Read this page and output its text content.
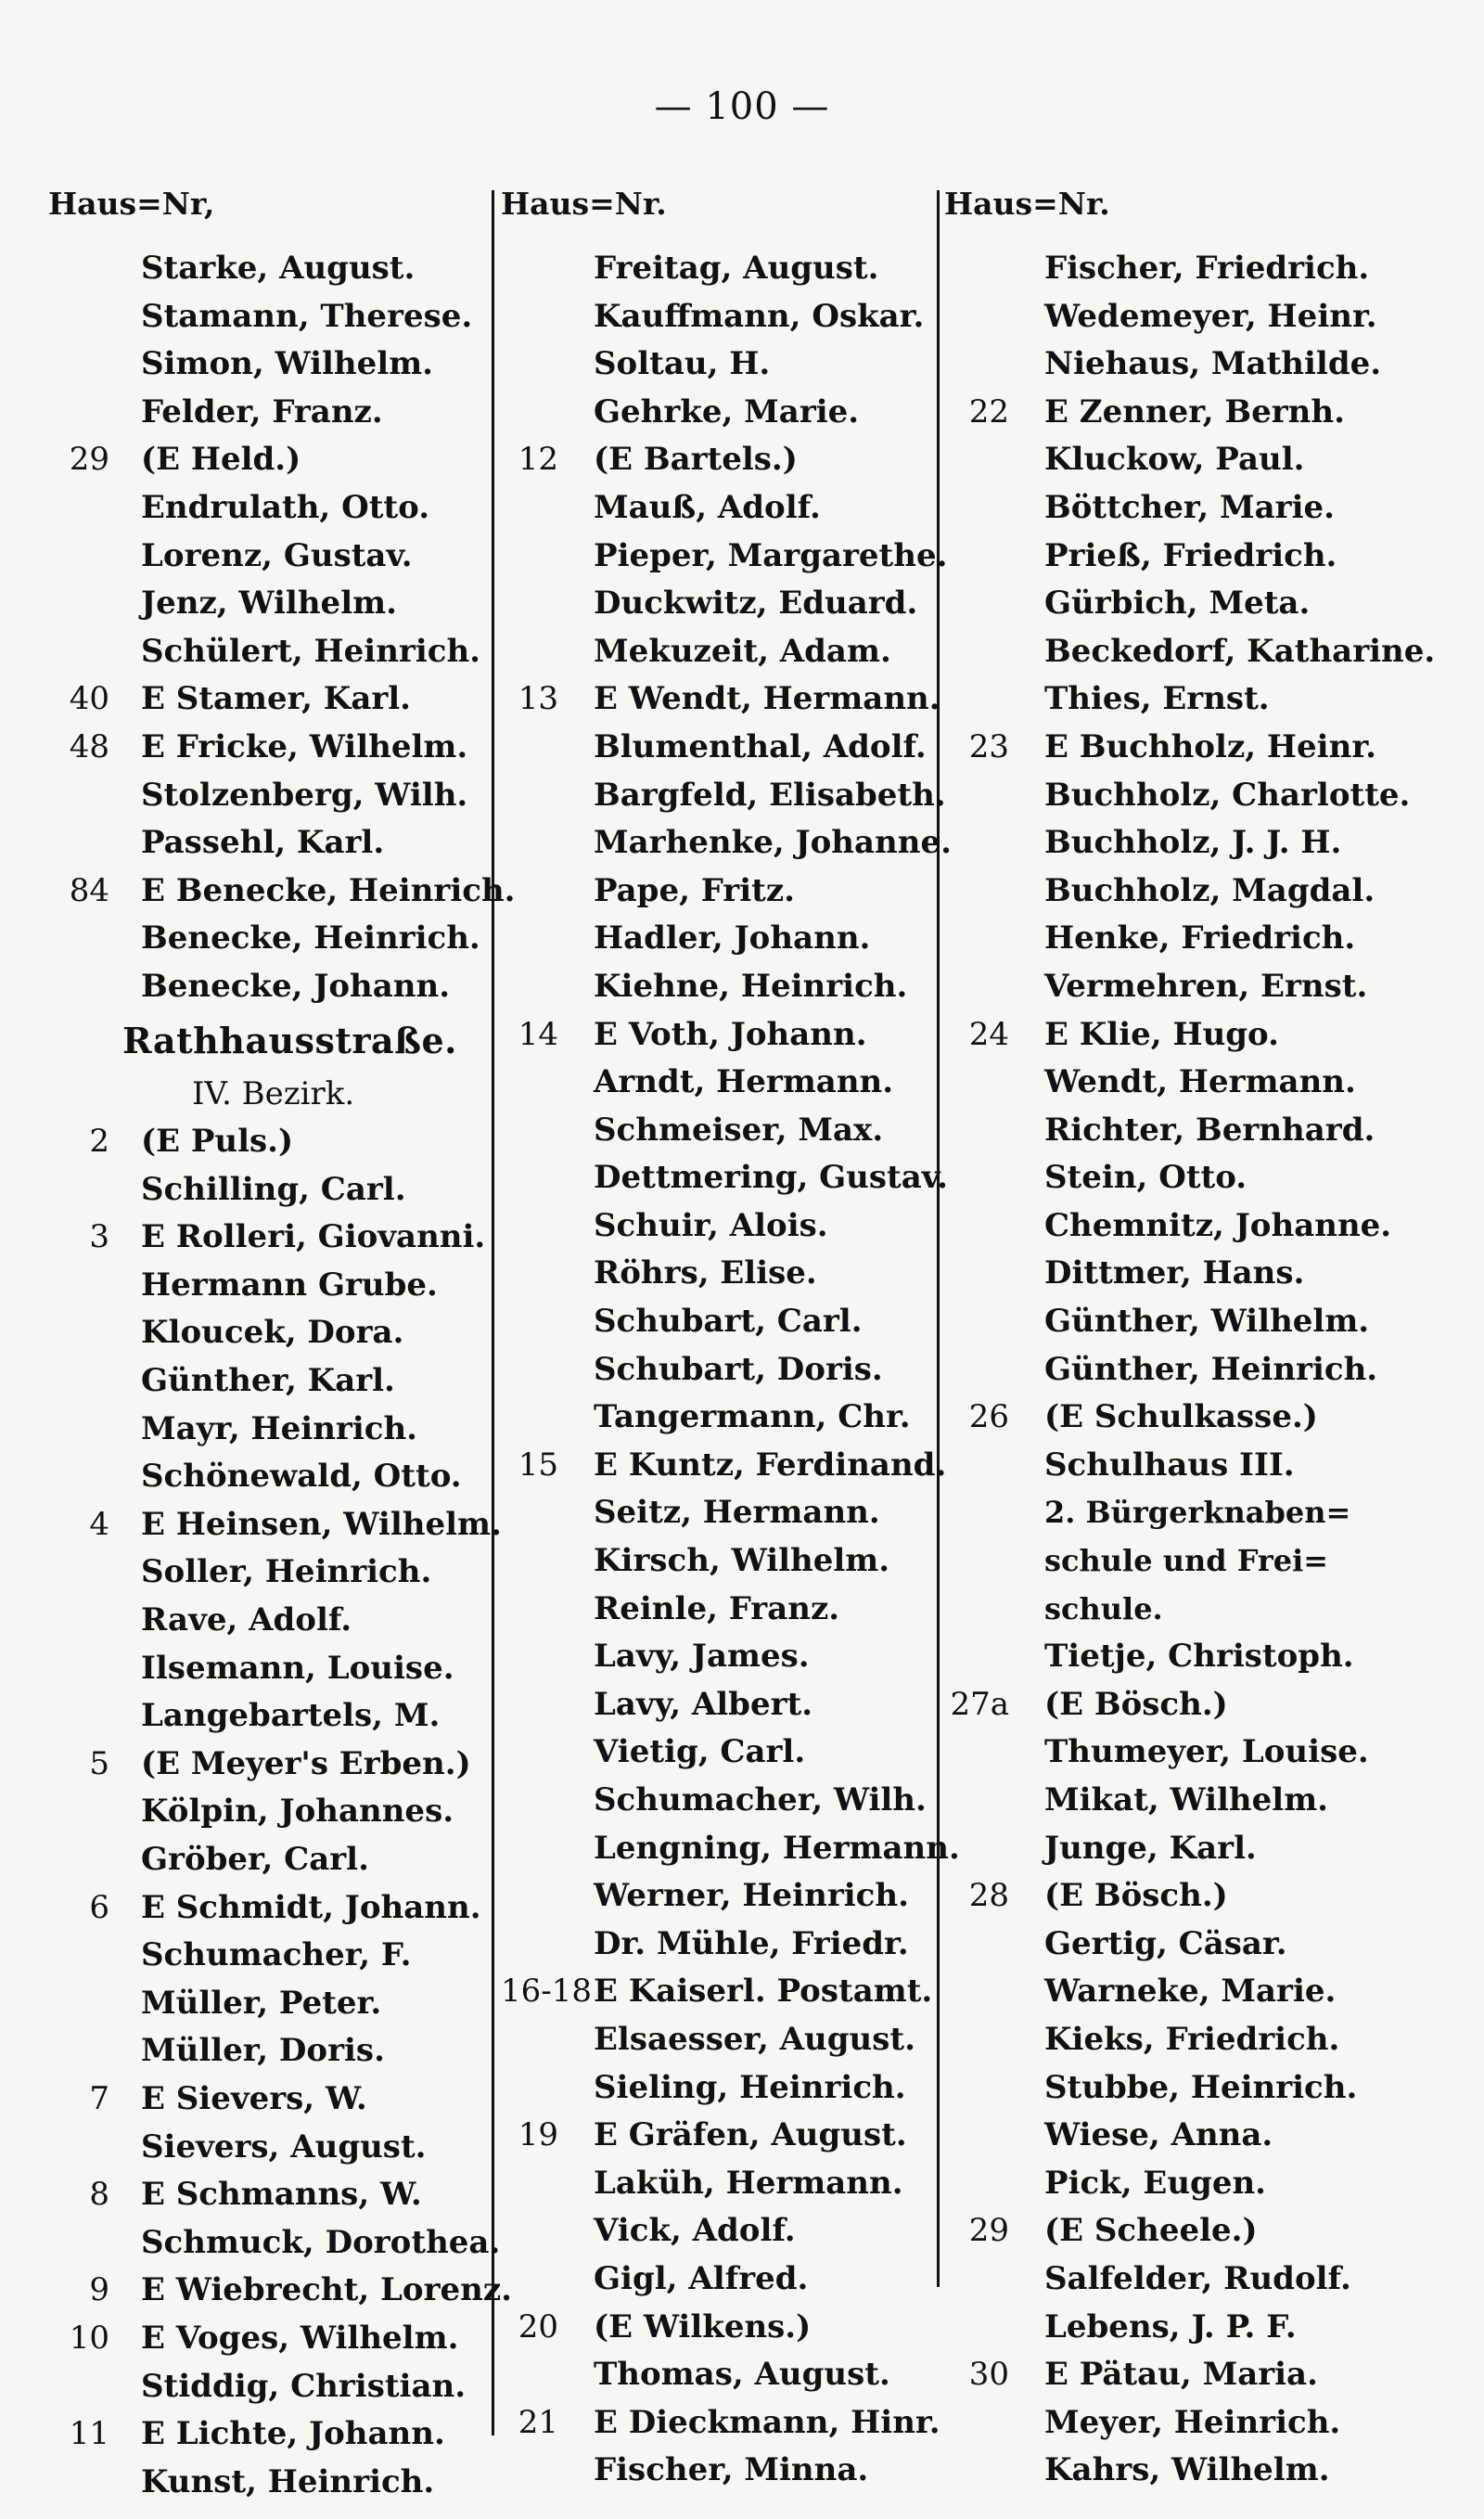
— 100 —
Haus=Nr,
Starke, August.
Stamann, Therese.
Simon, Wilhelm.
Felder, Franz.
29 (E Held.)
Endrulath, Otto.
Lorenz, Gustav.
Jenz, Wilhelm.
Schülert, Heinrich.
40 E Stamer, Karl.
48 E Fricke, Wilhelm.
Stolzenberg, Wilh.
Passehl, Karl.
84 E Benecke, Heinrich.
Benecke, Heinrich.
Benecke, Johann.
Rathhausstraße.
IV. Bezirk.
2 (E Puls.)
Schilling, Carl.
3 E Rolleri, Giovanni.
Hermann Grube.
Kloucek, Dora.
Günther, Karl.
Mayr, Heinrich.
Schönewald, Otto.
4 E Heinsen, Wilhelm.
Soller, Heinrich.
Rave, Adolf.
Ilsemann, Louise.
Langebartels, M.
5 (E Meyer's Erben.)
Kölpin, Johannes.
Gröber, Carl.
6 E Schmidt, Johann.
Schumacher, F.
Müller, Peter.
Müller, Doris.
7 E Sievers, W.
Sievers, August.
8 E Schmanns, W.
Schmuck, Dorothea.
9 E Wiebrecht, Lorenz.
10 E Voges, Wilhelm.
Stiddig, Christian.
11 E Lichte, Johann.
Kunst, Heinrich.
Haus=Nr.
Freitag, August.
Kauffmann, Oskar.
Soltau, H.
Gehrke, Marie.
12 (E Bartels.)
Mauß, Adolf.
Pieper, Margarethe.
Duckwitz, Eduard.
Mekuzeit, Adam.
13 E Wendt, Hermann.
Blumenthal, Adolf.
Bargfeld, Elisabeth.
Marhenke, Johanne.
Pape, Fritz.
Hadler, Johann.
Kiehne, Heinrich.
14 E Voth, Johann.
Arndt, Hermann.
Schmeiser, Max.
Dettmering, Gustav.
Schuir, Alois.
Röhrs, Elise.
Schubart, Carl.
Schubart, Doris.
Tangermann, Chr.
15 E Kuntz, Ferdinand.
Seitz, Hermann.
Kirsch, Wilhelm.
Reinle, Franz.
Lavy, James.
Lavy, Albert.
Vietig, Carl.
Schumacher, Wilh.
Lengning, Hermann.
Werner, Heinrich.
Dr. Mühle, Friedr.
16-18 E Kaiserl. Postamt.
Elsaesser, August.
Sieling, Heinrich.
19 E Gräfen, August.
Laküh, Hermann.
Vick, Adolf.
Gigl, Alfred.
20 (E Wilkens.)
Thomas, August.
21 E Dieckmann, Hinr.
Fischer, Minna.
Haus=Nr.
Fischer, Friedrich.
Wedemeyer, Heinr.
Niehaus, Mathilde.
22 E Zenner, Bernh.
Kluckow, Paul.
Böttcher, Marie.
Prieß, Friedrich.
Gürbich, Meta.
Beckedorf, Katharine.
Thies, Ernst.
23 E Buchholz, Heinr.
Buchholz, Charlotte.
Buchholz, J. J. H.
Buchholz, Magdal.
Henke, Friedrich.
Vermehren, Ernst.
24 E Klie, Hugo.
Wendt, Hermann.
Richter, Bernhard.
Stein, Otto.
Chemnitz, Johanne.
Dittmer, Hans.
Günther, Wilhelm.
Günther, Heinrich.
26 (E Schulkasse.)
Schulhaus III.
2. Bürgerknaben=
schule und Frei=
schule.
Tietje, Christoph.
27a (E Bösch.)
Thumeyer, Louise.
Mikat, Wilhelm.
Junge, Karl.
28 (E Bösch.)
Gertig, Cäsar.
Warneke, Marie.
Kieks, Friedrich.
Stubbe, Heinrich.
Wiese, Anna.
Pick, Eugen.
29 (E Scheele.)
Salfelder, Rudolf.
Lebens, J. P. F.
30 E Pätau, Maria.
Meyer, Heinrich.
Kahrs, Wilhelm.
